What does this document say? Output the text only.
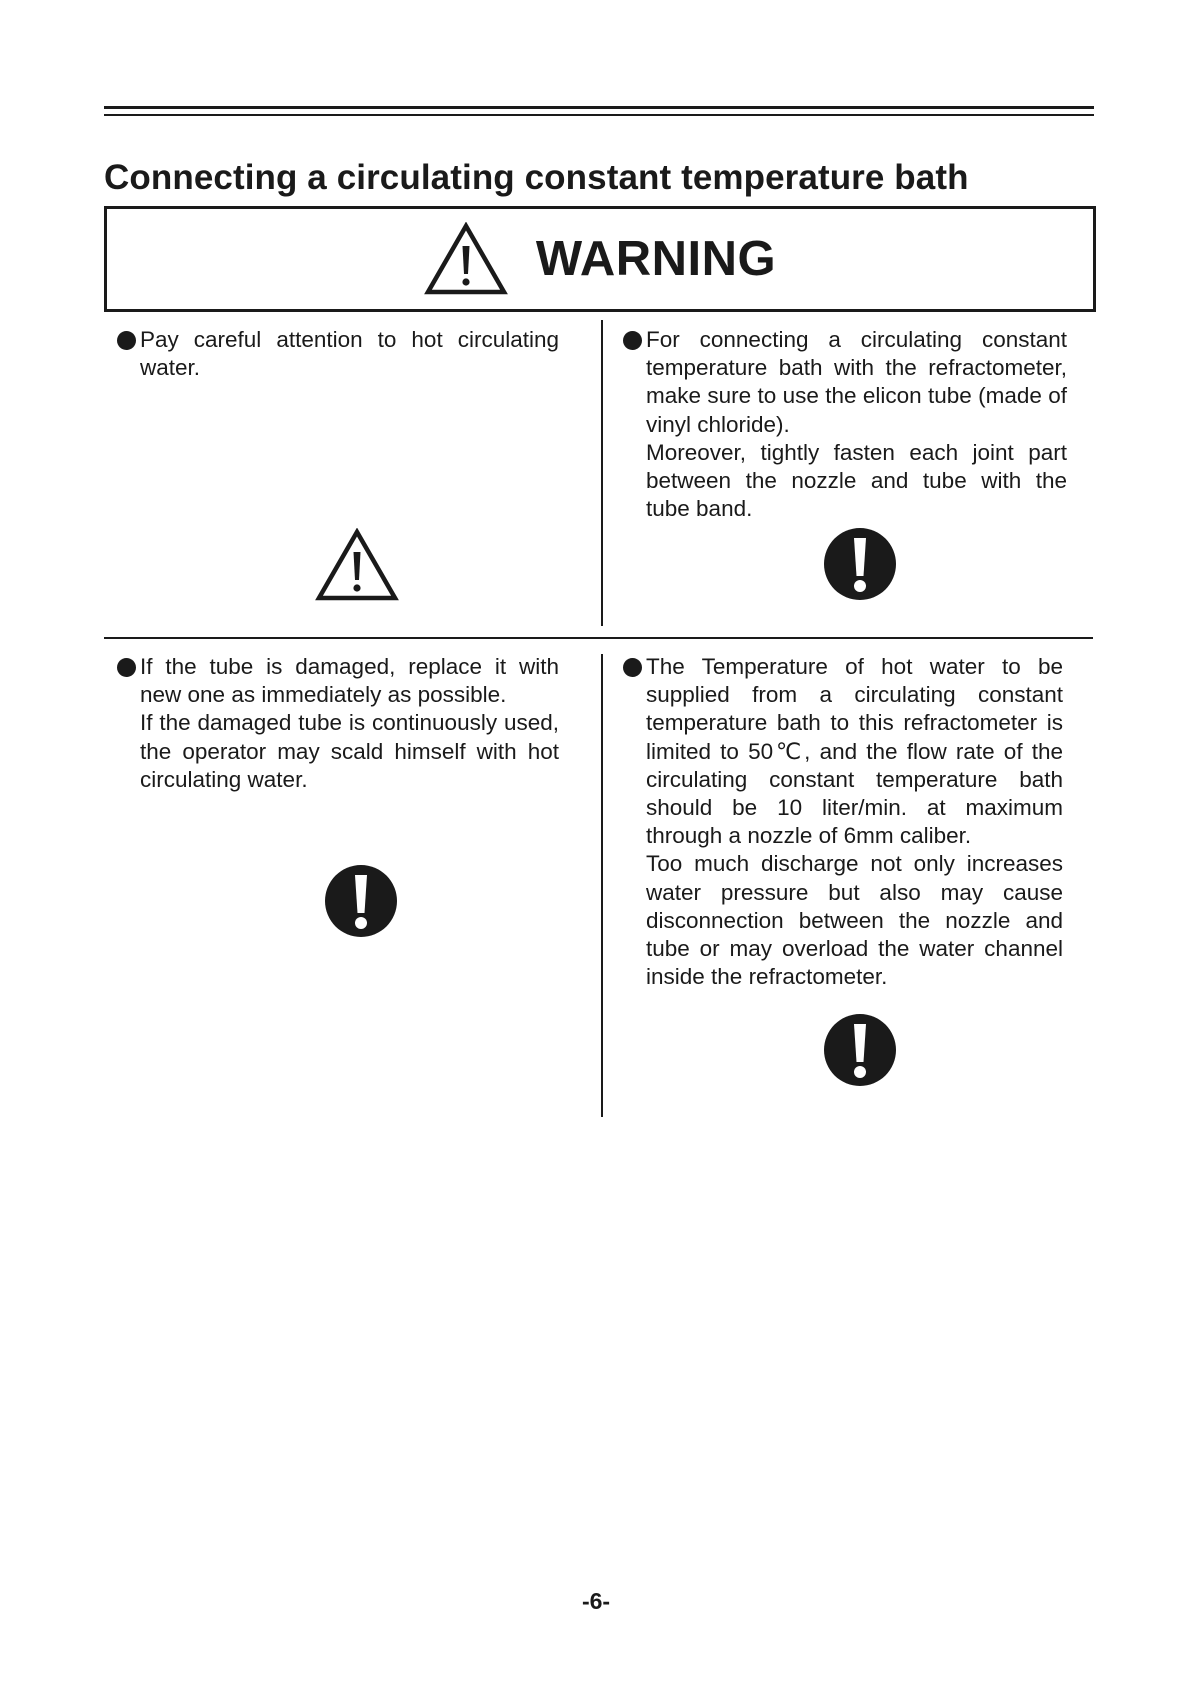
Connecting a circulating constant temperature bath
WARNING

Pay careful attention to hot circulating water.

For connecting a circulating constant temperature bath with the refractometer, make sure to use the elicon tube (made of vinyl chloride).

Moreover, tightly fasten each joint part between the nozzle and tube with the tube band.

If the tube is damaged, replace it with new one as immediately as possible.

If the damaged tube is continuously used, the operator may scald himself with hot circulating water.

The Temperature of hot water to be supplied from a circulating constant temperature bath to this refractometer is limited to 50℃, and the flow rate of the circulating constant temperature bath should be 10 liter/min. at maximum through a nozzle of 6mm caliber.

Too much discharge not only increases water pressure but also may cause disconnection between the nozzle and tube or may overload the water channel inside the refractometer.

-6-
